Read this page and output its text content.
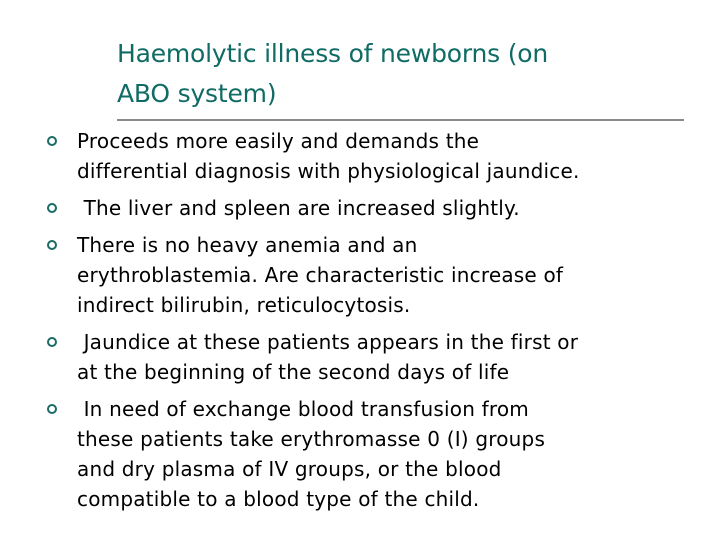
Haemolytic illness of newborns (on
ABO system)
Proceeds more easily and demands the
differential diagnosis with physiological jaundice.
The liver and spleen are increased slightly.
There is no heavy anemia and an
erythroblastemia. Are characteristic increase of
indirect bilirubin, reticulocytosis.
Jaundice at these patients appears in the first or
at the beginning of the second days of life
In need of exchange blood transfusion from
these patients take erythromasse 0 (I) groups
and dry plasma of IV groups, or the blood
compatible to a blood type of the child.
